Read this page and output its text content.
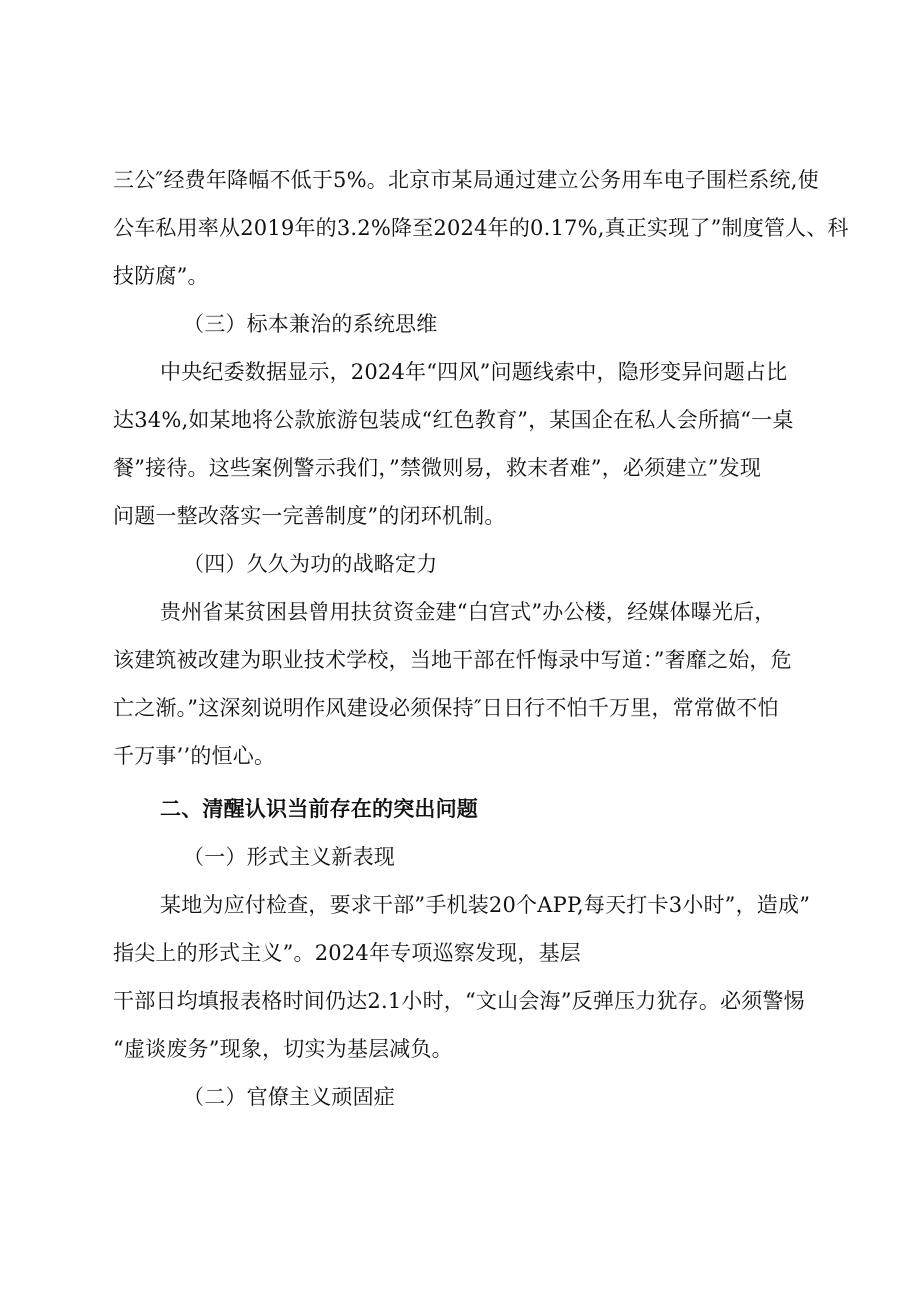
三公″经费年降幅不低于5%。北京市某局通过建立公务用车电子围栏系统,使
公车私用率从2019年的3.2%降至2024年的0.17%,真正实现了”制度管人、科
技防腐”。
（三）标本兼治的系统思维
中央纪委数据显示，2024年“四风”问题线索中，隐形变异问题占比
达34%,如某地将公款旅游包装成“红色教育”，某国企在私人会所搞“一桌
餐”接待。这些案例警示我们，”禁微则易，救末者难”，必须建立”发现
问题一整改落实一完善制度”的闭环机制。
（四）久久为功的战略定力
贵州省某贫困县曾用扶贫资金建“白宫式”办公楼，经媒体曝光后，
该建筑被改建为职业技术学校，当地干部在忏悔录中写道：”奢靡之始，危
亡之渐。”这深刻说明作风建设必须保持″日日行不怕千万里，常常做不怕
千万事’’的恒心。
二、清醒认识当前存在的突出问题
（一）形式主义新表现
某地为应付检查，要求干部”手机装20个APP,每天打卡3小时”，造成”
指尖上的形式主义”。2024年专项巡察发现，基层
干部日均填报表格时间仍达2.1小时，“文山会海”反弹压力犹存。必须警惕
“虚谈废务”现象，切实为基层减负。
（二）官僚主义顽固症
